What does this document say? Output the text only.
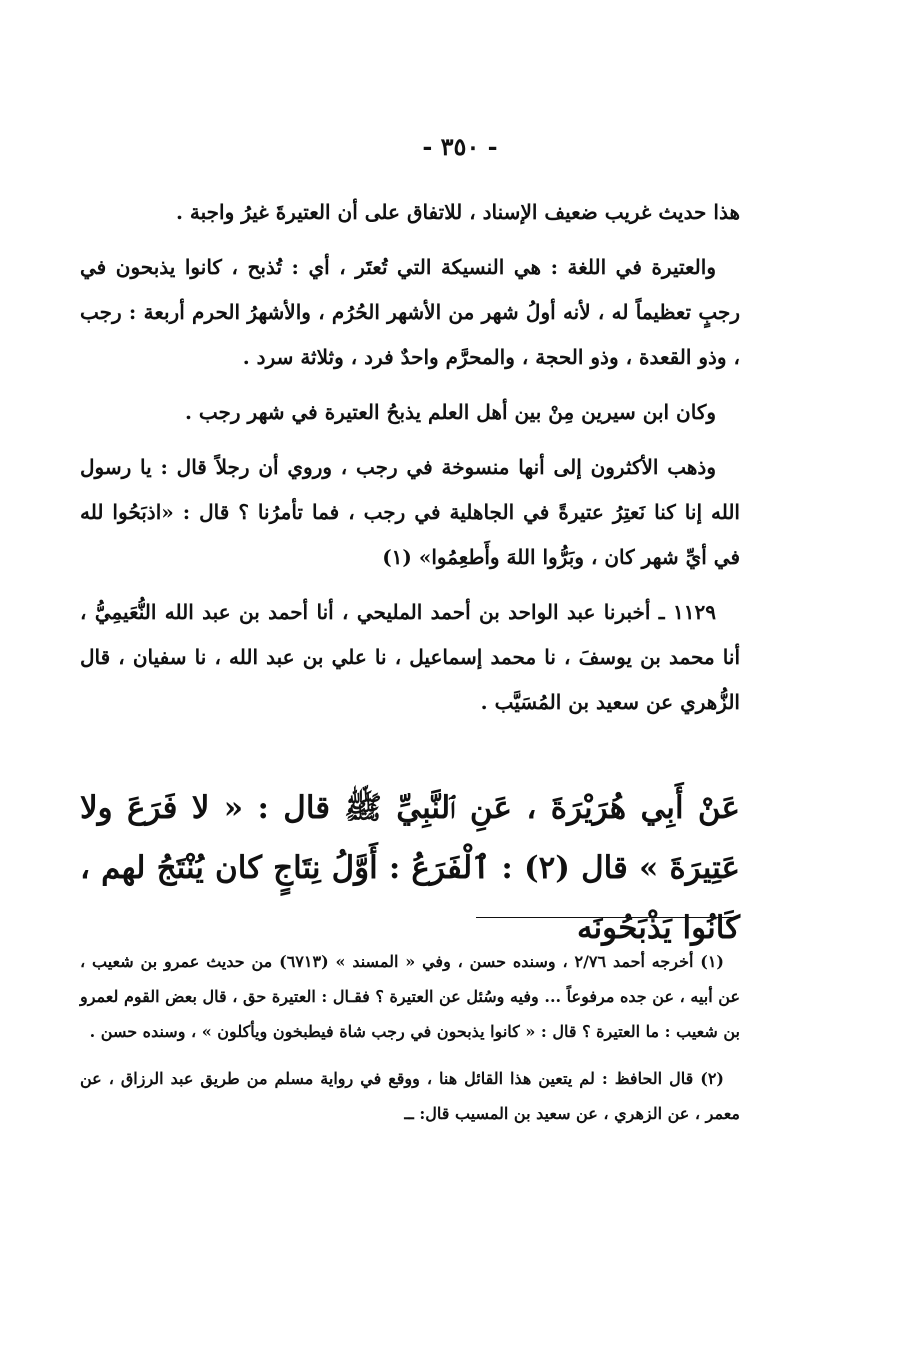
- ٣٥٠ -

هذا حديث غريب ضعيف الإسناد ، للاتفاق على أن العتيرةَ غيرُ واجبة .

والعتيرة في اللغة : هي النسيكة التي تُعتَر ، أي : تُذبح ، كانوا يذبحون في رجبٍ تعظيماً له ، لأنه أولُ شهر من الأشهر الحُرُم ، والأشهرُ الحرم أربعة : رجب ، وذو القعدة ، وذو الحجة ، والمحرَّم واحدٌ فرد ، وثلاثة سرد .

وكان ابن سيرين مِنْ بين أهل العلم يذبحُ العتيرة في شهر رجب .

وذهب الأكثرون إلى أنها منسوخة في رجب ، وروي أن رجلاً قال : يا رسول الله إنا كنا نَعتِرُ عتيرةً في الجاهلية في رجب ، فما تأمرُنا ؟ قال : «اذبَحُوا لله في أيِّ شهر كان ، وبَرُّوا اللهَ وأَطعِمُوا» (١)

١١٢٩ ـ أخبرنا عبد الواحد بن أحمد المليحي ، أنا أحمد بن عبد الله النُّعَيمِيُّ ، أنا محمد بن يوسفَ ، نا محمد إسماعيل ، نا علي بن عبد الله ، نا سفيان ، قال الزُّهري عن سعيد بن المُسَيَّب .

عَنْ أَبِي هُرَيْرَةَ ، عَنِ ٱلنَّبِيِّ ﷺ قال : « لا فَرَعَ ولا عَتِيرَةَ » قال (٢) : ٱلْفَرَعُ : أَوَّلُ نِتَاجٍ كان يُنْتَجُ لهم ، كَانُوا يَذْبَحُونَه

(١) أخرجه أحمد ٢/٧٦ ، وسنده حسن ، وفي « المسند » (٦٧١٣) من حديث عمرو بن شعيب ، عن أبيه ، عن جده مرفوعاً ... وفيه وسُئل عن العتيرة ؟ فقـال : العتيرة حق ، قال بعض القوم لعمرو بن شعيب : ما العتيرة ؟ قال : « كانوا يذبحون في رجب شاة فيطبخون ويأكلون » ، وسنده حسن .

(٢) قال الحافظ : لم يتعين هذا القائل هنا ، ووقع في رواية مسلم من طريق عبد الرزاق ، عن معمر ، عن الزهري ، عن سعيد بن المسيب قال: ــ
